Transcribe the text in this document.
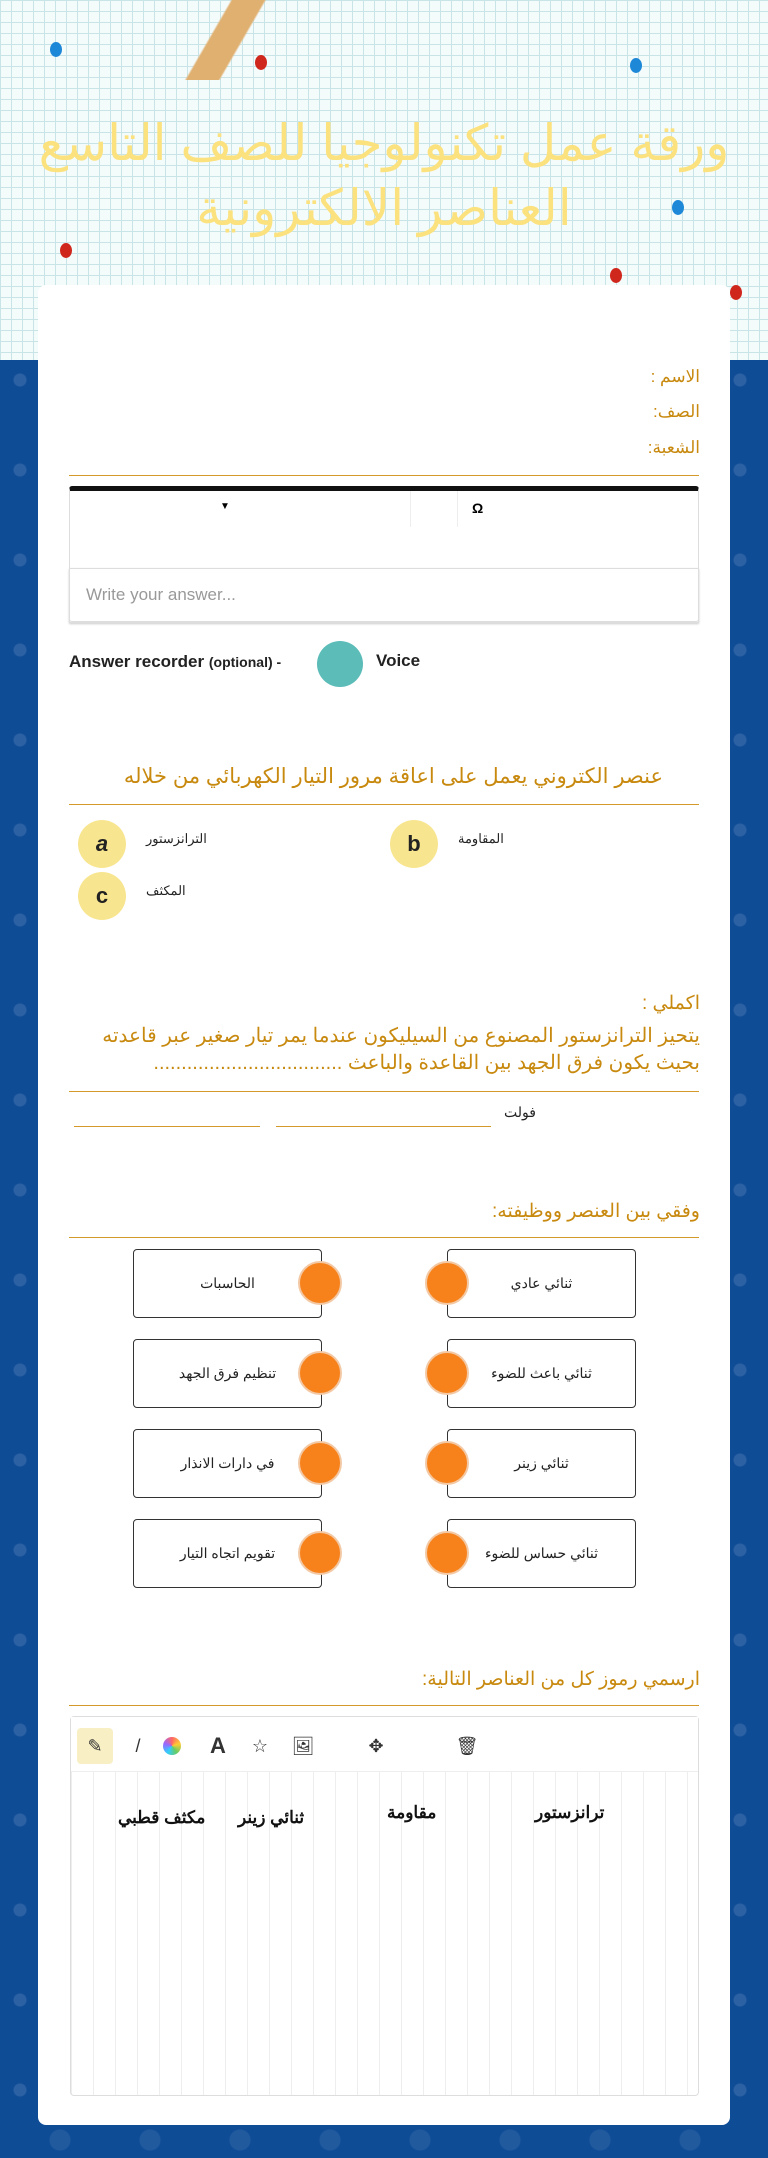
ورقة عمل تكنولوجيا للصف التاسع
العناصر الالكترونية
الاسم :
الصف:
الشعبة:
▼	Ω
Write your answer...
Answer recorder (optional) -	Voice
عنصر الكتروني يعمل على اعاقة مرور التيار الكهربائي من خلاله
a	الترانزستور	b	المقاومة
c	المكثف
اكملي :
يتحيز الترانزستور المصنوع من السيليكون عندما يمر تيار صغير عبر قاعدته
بحيث يكون فرق الجهد بين القاعدة والباعث ..................................
فولت
وفقي بين العنصر ووظيفته:
الحاسبات	ثنائي عادي
تنظيم فرق الجهد	ثنائي باعث للضوء
في دارات الانذار	ثنائي زينر
تقويم اتجاه التيار	ثنائي حساس للضوء
ارسمي رموز كل من العناصر التالية:
✎	/	A	☆	🖼	✥	🗑
ترانزستور
مقاومة
ثنائي زينر
مكثف قطبي
